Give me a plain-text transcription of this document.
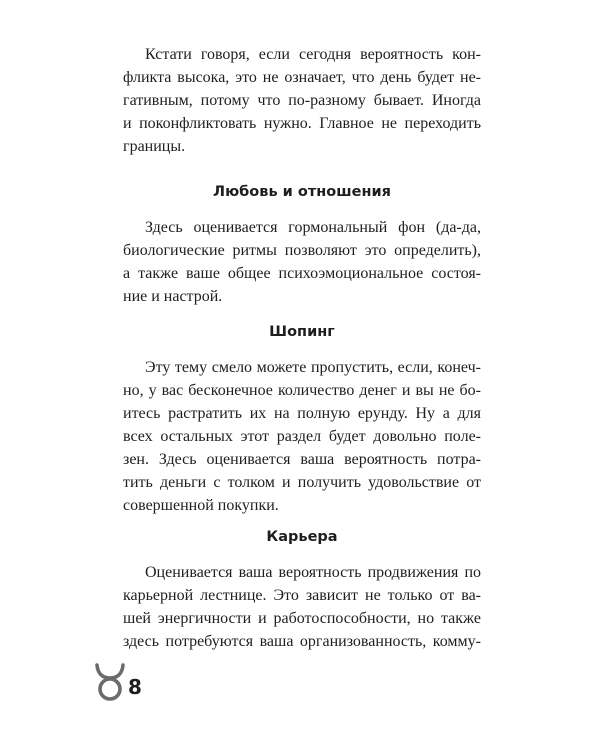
Кстати говоря, если сегодня вероятность кон-
фликта высока, это не означает, что день будет не-
гативным, потому что по-разному бывает. Иногда
и поконфликтовать нужно. Главное не переходить
границы.
Любовь и отношения
Здесь оценивается гормональный фон (да-да,
биологические ритмы позволяют это определить),
а также ваше общее психоэмоциональное состоя-
ние и настрой.
Шопинг
Эту тему смело можете пропустить, если, конеч-
но, у вас бесконечное количество денег и вы не бо-
итесь растратить их на полную ерунду. Ну а для
всех остальных этот раздел будет довольно поле-
зен. Здесь оценивается ваша вероятность потра-
тить деньги с толком и получить удовольствие от
совершенной покупки.
Карьера
Оценивается ваша вероятность продвижения по
карьерной лестнице. Это зависит не только от ва-
шей энергичности и работоспособности, но также
здесь потребуются ваша организованность, комму-
8
